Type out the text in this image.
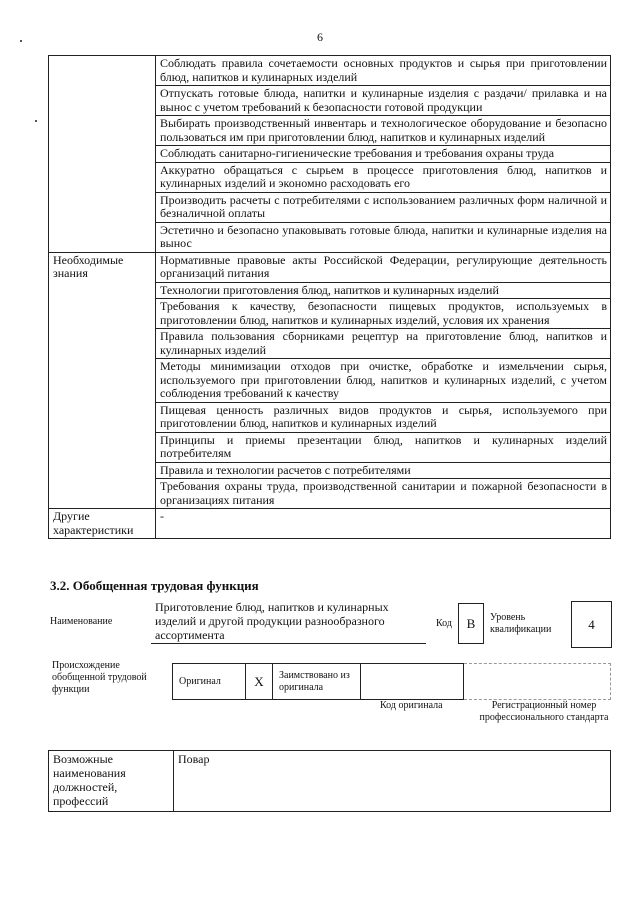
6
	Соблюдать правила сочетаемости основных продуктов и сырья при приготовлении блюд, напитков и кулинарных изделий
	Отпускать готовые блюда, напитки и кулинарные изделия с раздачи/ прилавка и на вынос с учетом требований к безопасности готовой продукции
	Выбирать производственный инвентарь и технологическое оборудование и безопасно пользоваться им при приготовлении блюд, напитков и кулинарных изделий
	Соблюдать санитарно-гигиенические требования и требования охраны труда
	Аккуратно обращаться с сырьем в процессе приготовления блюд, напитков и кулинарных изделий и экономно расходовать его
	Производить расчеты с потребителями с использованием различных форм наличной и безналичной оплаты
	Эстетично и безопасно упаковывать готовые блюда, напитки и кулинарные изделия на вынос
Необходимые знания	Нормативные правовые акты Российской Федерации, регулирующие деятельность организаций питания
	Технологии приготовления блюд, напитков и кулинарных изделий
	Требования к качеству, безопасности пищевых продуктов, используемых в приготовлении блюд, напитков и кулинарных изделий, условия их хранения
	Правила пользования сборниками рецептур на приготовление блюд, напитков и кулинарных изделий
	Методы минимизации отходов при очистке, обработке и измельчении сырья, используемого при приготовлении блюд, напитков и кулинарных изделий, с учетом соблюдения требований к качеству
	Пищевая ценность различных видов продуктов и сырья, используемого при приготовлении блюд, напитков и кулинарных изделий
	Принципы и приемы презентации блюд, напитков и кулинарных изделий потребителям
	Правила и технологии расчетов с потребителями
	Требования охраны труда, производственной санитарии и пожарной безопасности в организациях питания
Другие характеристики	-
3.2. Обобщенная трудовая функция
Наименование
Приготовление блюд, напитков и кулинарных изделий и другой продукции разнообразного ассортимента
Код	B	Уровень квалификации	4
Происхождение обобщенной трудовой функции
Оригинал	X	Заимствовано из оригинала		
Код оригинала	Регистрационный номер профессионального стандарта
Возможные наименования должностей, профессий	Повар
